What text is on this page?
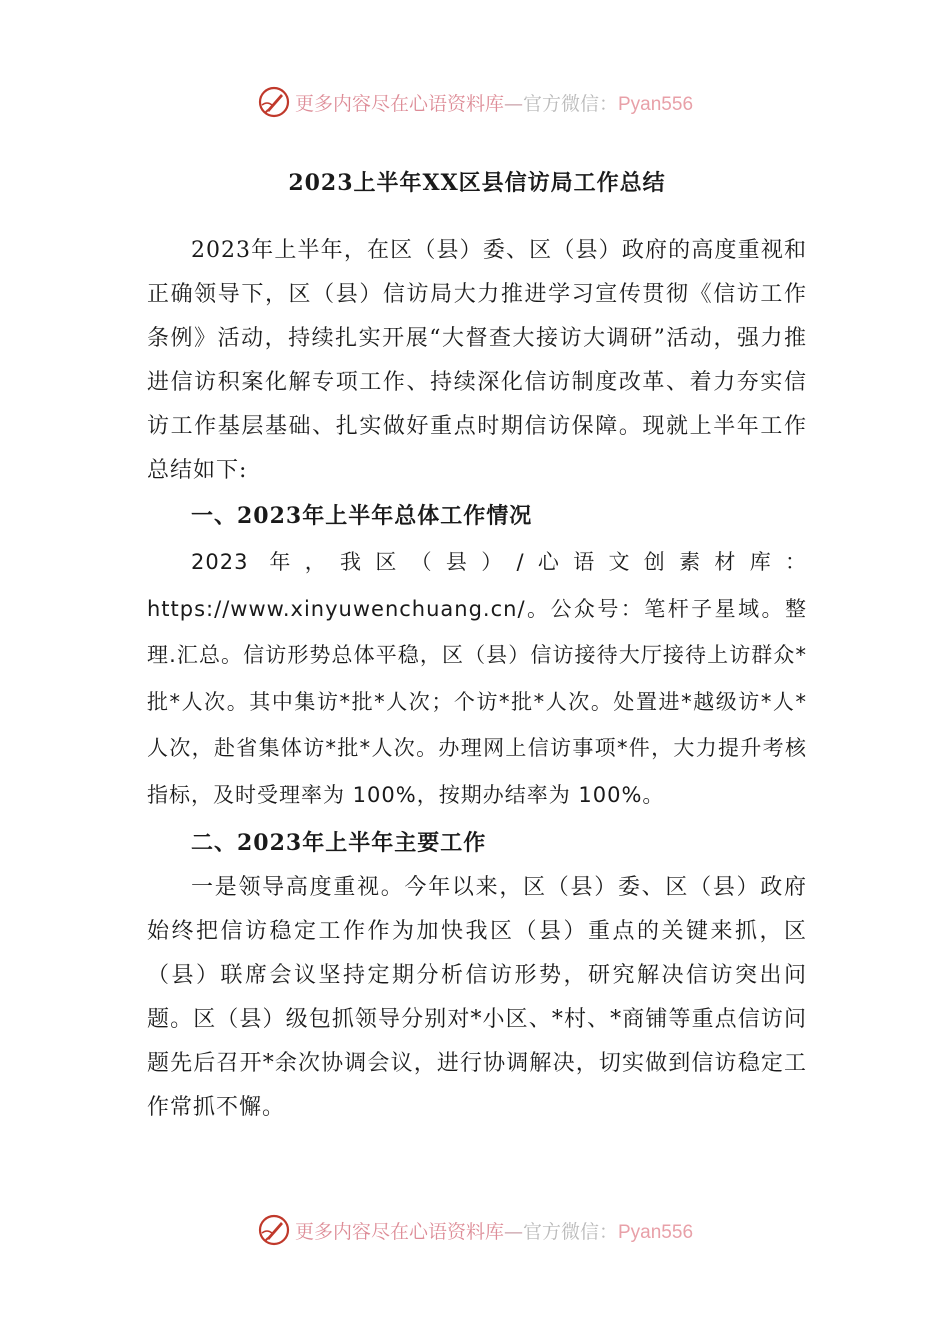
更多内容尽在心语资料库—官方微信：Pyan556
2023上半年XX区县信访局工作总结

2023年上半年，在区（县）委、区（县）政府的高度重视和正确领导下，区（县）信访局大力推进学习宣传贯彻《信访工作条例》活动，持续扎实开展“大督查大接访大调研”活动，强力推进信访积案化解专项工作、持续深化信访制度改革、着力夯实信访工作基层基础、扎实做好重点时期信访保障。现就上半年工作总结如下:

一、2023年上半年总体工作情况

2023 年，我区（县）/心语文创素材库：https://www.xinyuwenchuang.cn/。公众号：笔杆子星域。整理.汇总。信访形势总体平稳，区（县）信访接待大厅接待上访群众*批*人次。其中集访*批*人次；个访*批*人次。处置进*越级访*人*人次，赴省集体访*批*人次。办理网上信访事项*件，大力提升考核指标，及时受理率为 100%，按期办结率为 100%。

二、2023年上半年主要工作

一是领导高度重视。今年以来，区（县）委、区（县）政府始终把信访稳定工作作为加快我区（县）重点的关键来抓，区（县）联席会议坚持定期分析信访形势，研究解决信访突出问题。区（县）级包抓领导分别对*小区、*村、*商铺等重点信访问题先后召开*余次协调会议，进行协调解决，切实做到信访稳定工作常抓不懈。

更多内容尽在心语资料库—官方微信：Pyan556
